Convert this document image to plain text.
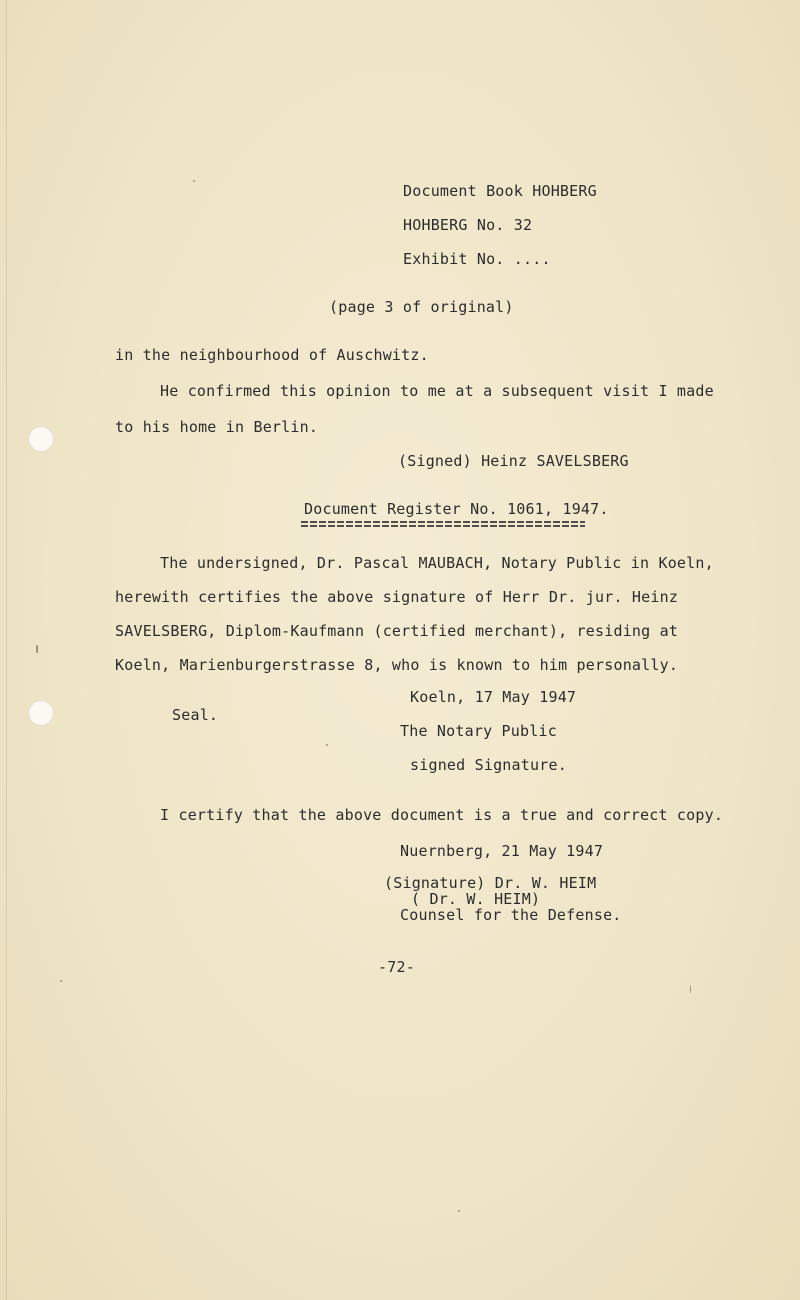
Document Book HOHBERG
HOHBERG No. 32
Exhibit No. ....
(page 3 of original)
in the neighbourhood of Auschwitz.
He confirmed this opinion to me at a subsequent visit I made
to his home in Berlin.
(Signed) Heinz SAVELSBERG
Document Register No. 1061, 1947.
The undersigned, Dr. Pascal MAUBACH, Notary Public in Koeln,
herewith certifies the above signature of Herr Dr. jur. Heinz
SAVELSBERG, Diplom-Kaufmann (certified merchant), residing at
Koeln, Marienburgerstrasse 8, who is known to him personally.
Koeln, 17 May 1947
Seal.
The Notary Public
signed Signature.
I certify that the above document is a true and correct copy.
Nuernberg, 21 May 1947
(Signature) Dr. W. HEIM
( Dr. W. HEIM)
Counsel for the Defense.
-72-
